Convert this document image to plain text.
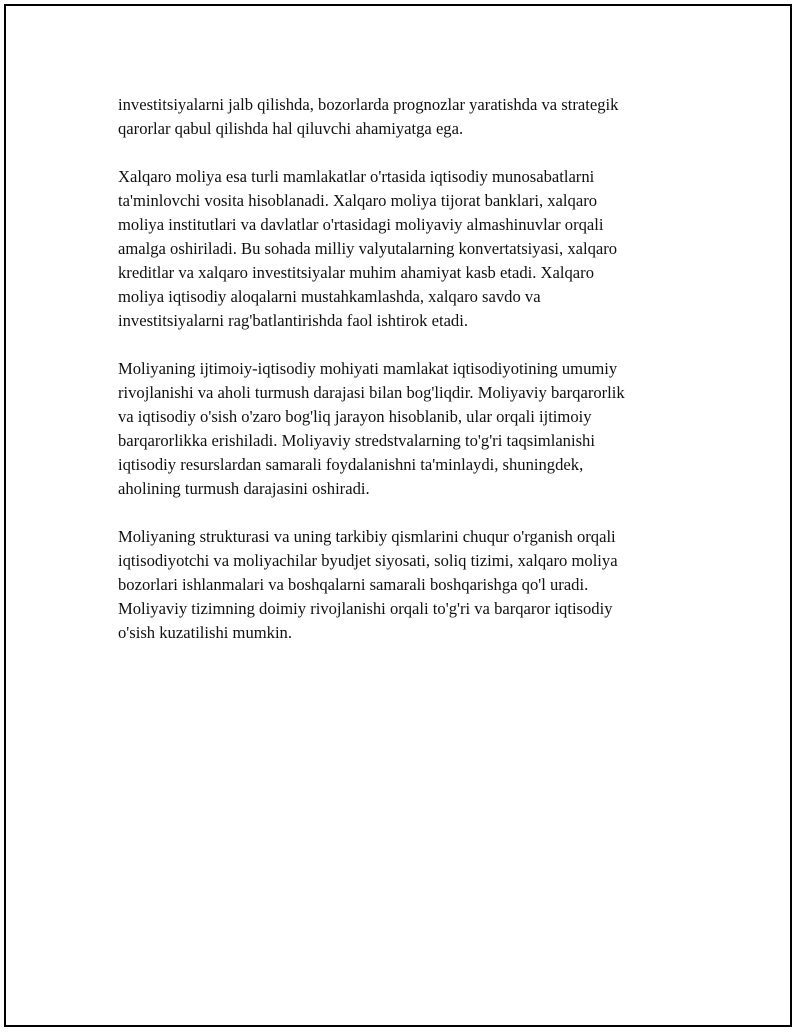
investitsiyalarni jalb qilishda, bozorlarda prognozlar yaratishda va strategik
qarorlar qabul qilishda hal qiluvchi ahamiyatga ega.

Xalqaro moliya esa turli mamlakatlar o'rtasida iqtisodiy munosabatlarni
ta'minlovchi vosita hisoblanadi. Xalqaro moliya tijorat banklari, xalqaro
moliya institutlari va davlatlar o'rtasidagi moliyaviy almashinuvlar orqali
amalga oshiriladi. Bu sohada milliy valyutalarning konvertatsiyasi, xalqaro
kreditlar va xalqaro investitsiyalar muhim ahamiyat kasb etadi. Xalqaro
moliya iqtisodiy aloqalarni mustahkamlashda, xalqaro savdo va
investitsiyalarni rag'batlantirishda faol ishtirok etadi.

Moliyaning ijtimoiy-iqtisodiy mohiyati mamlakat iqtisodiyotining umumiy
rivojlanishi va aholi turmush darajasi bilan bog'liqdir. Moliyaviy barqarorlik
va iqtisodiy o'sish o'zaro bog'liq jarayon hisoblanib, ular orqali ijtimoiy
barqarorlikka erishiladi. Moliyaviy stredstvalarning to'g'ri taqsimlanishi
iqtisodiy resurslardan samarali foydalanishni ta'minlaydi, shuningdek,
aholining turmush darajasini oshiradi.

Moliyaning strukturasi va uning tarkibiy qismlarini chuqur o'rganish orqali
iqtisodiyotchi va moliyachilar byudjet siyosati, soliq tizimi, xalqaro moliya
bozorlari ishlanmalari va boshqalarni samarali boshqarishga qo'l uradi.
Moliyaviy tizimning doimiy rivojlanishi orqali to'g'ri va barqaror iqtisodiy
o'sish kuzatilishi mumkin.
